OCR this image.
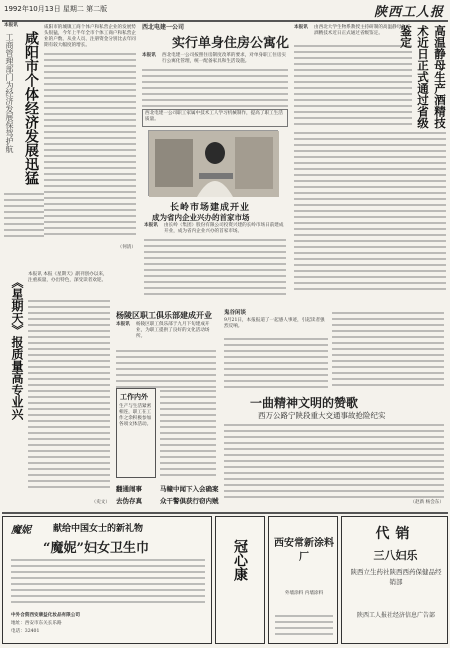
1992年10月13日 星期二 第二版	陕西工人报
咸阳市个体经济发展迅猛
工商管理部门为经济发展保驾护航
本报讯	咸阳市的城镇工商个体户和私营企业的发展势头很猛，今年上半年全市个体工商户和私营企业的户数、从业人员、注册资金分别比去年同期有较大幅度的增长。
（何清）
西北电建一公司
实行单身住房公寓化
本报讯 西北电建一公司按照住房制度改革的要求，对单身职工住房实行公寓化管理，统一配备家具和生活设施。
西北电建一公司职工家属中技术工人学习机械制作，提高了职工生活质量。
本报讯 由西北大学生物系教授主持研制的高温静母生产酒精技术近日正式通过省级鉴定。	高温静母生产酒精技术近日正式通过省级鉴定
长岭市场建成开业
成为省内企业兴办的首家市场
本报讯 由长岭（集团）股份有限公司投资兴建的长岭市场日前建成开业，成为省内企业兴办的首家市场。
《星期天》报质量高专业兴
本报讯 本报《星期天》副刊创办以来，注重质量，办出特色，深受读者欢迎。
（史文）
杨陵区职工俱乐部建成开业
本报讯 杨陵区职工俱乐部于九月下旬建成开业，为职工提供了良好的文化活动场所。
工作内外
生产与生活紧密相连，职工在工作之余积极参加各项文体活动。
翻通闹事	马幢中闻下入会确案
去伪存真	众干警俱获行窃内贼
鬼谷闲谈
9月21日，本报报道了一起感人事迹，引起读者强烈反响。
一曲精神文明的赞歌
西万公路宁陕段重大交通事故抢险纪实
（赵新 杨会东）
魔妮 献给中国女士的新礼物
“魔妮”妇女卫生巾
中外合资西安康益化妆品有限公司
地址：西安市东关长乐路
电话：32401
冠心康	西安常新涂料厂
外墙涂料 内墙涂料
代销
三八妇乐
陕西立生药社陕西西药保健品经销部
陕西工人报社经济信息广告部
